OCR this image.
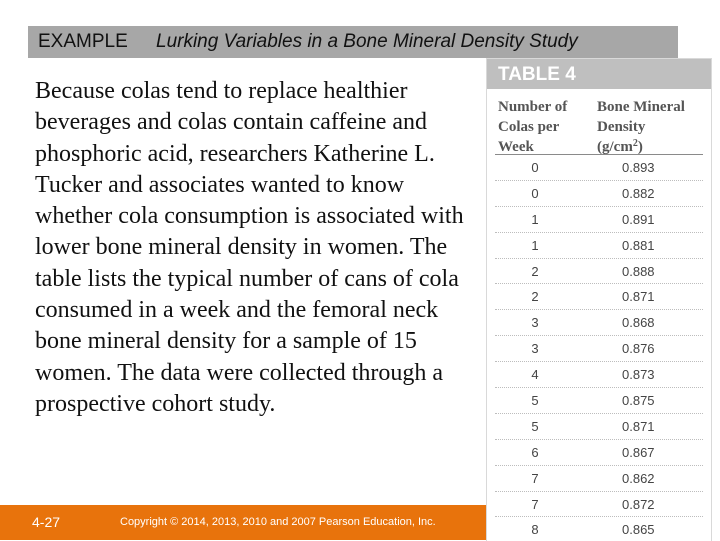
EXAMPLE Lurking Variables in a Bone Mineral Density Study
Because colas tend to replace healthier beverages and colas contain caffeine and phosphoric acid, researchers Katherine L. Tucker and associates wanted to know whether cola consumption is associated with lower bone mineral density in women. The table lists the typical number of cans of cola consumed in a week and the femoral neck bone mineral density for a sample of 15 women. The data were collected through a prospective cohort study.
TABLE 4
Number of Colas per Week
Bone Mineral Density
$(g/cm^2)$
0	0.893
0	0.882
1	0.891
1	0.881
2	0.888
2	0.871
3	0.868
3	0.876
4	0.873
5	0.875
5	0.871
6	0.867
7	0.862
7	0.872
8	0.865
4-27	Copyright © 2014, 2013, 2010 and 2007 Pearson Education, Inc.
